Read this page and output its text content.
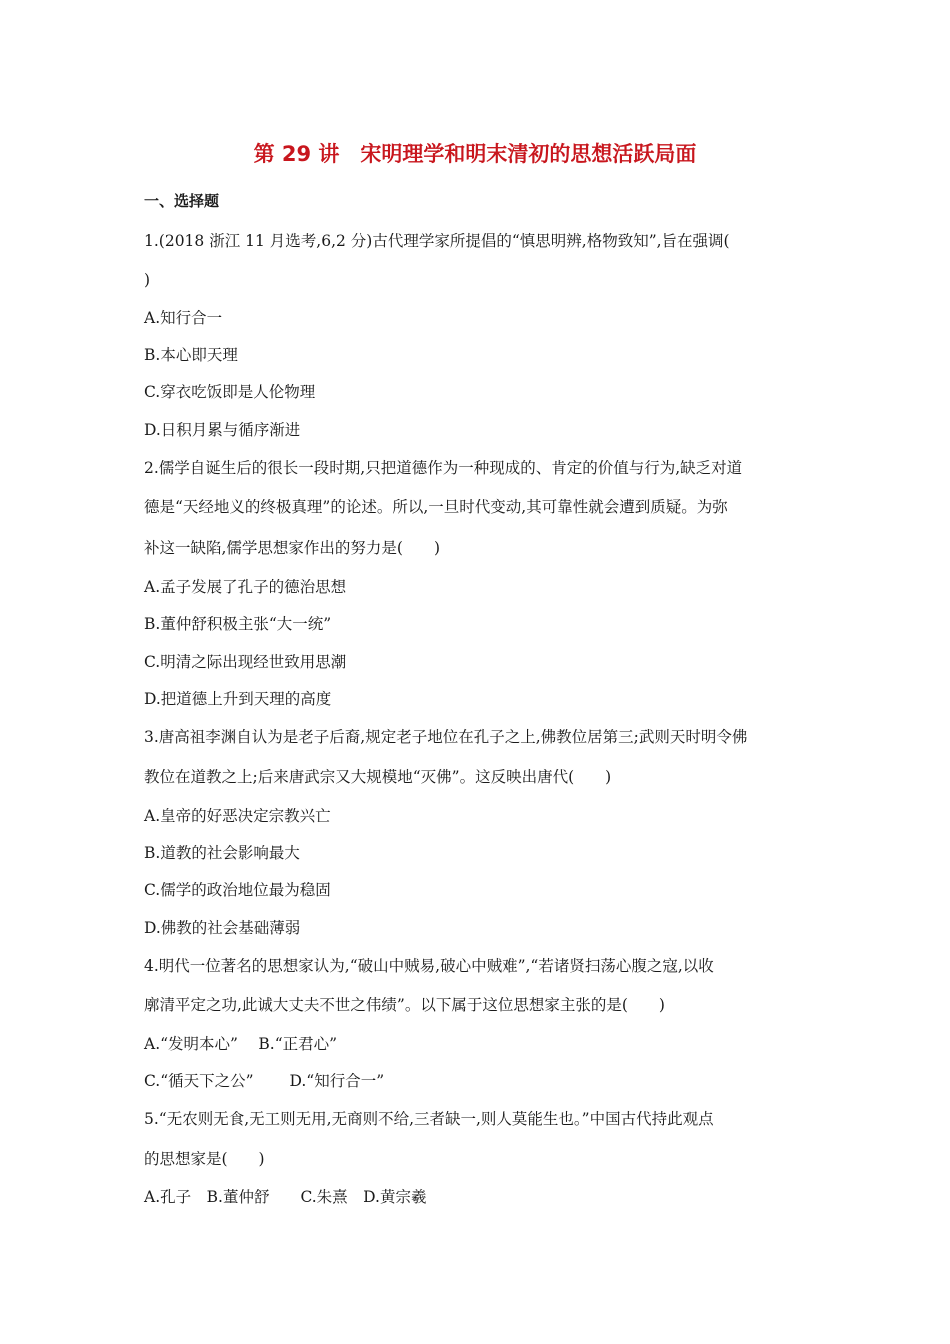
第 29 讲　宋明理学和明末清初的思想活跃局面
一、选择题
1.(2018 浙江 11 月选考,6,2 分)古代理学家所提倡的“慎思明辨,格物致知”,旨在强调(
)
A.知行合一
B.本心即天理
C.穿衣吃饭即是人伦物理
D.日积月累与循序渐进
2.儒学自诞生后的很长一段时期,只把道德作为一种现成的、肯定的价值与行为,缺乏对道
德是“天经地义的终极真理”的论述。所以,一旦时代变动,其可靠性就会遭到质疑。为弥
补这一缺陷,儒学思想家作出的努力是(　　)
A.孟子发展了孔子的德治思想
B.董仲舒积极主张“大一统”
C.明清之际出现经世致用思潮
D.把道德上升到天理的高度
3.唐高祖李渊自认为是老子后裔,规定老子地位在孔子之上,佛教位居第三;武则天时明令佛
教位在道教之上;后来唐武宗又大规模地“灭佛”。这反映出唐代(　　)
A.皇帝的好恶决定宗教兴亡
B.道教的社会影响最大
C.儒学的政治地位最为稳固
D.佛教的社会基础薄弱
4.明代一位著名的思想家认为,“破山中贼易,破心中贼难”,“若诸贤扫荡心腹之寇,以收
廓清平定之功,此诚大丈夫不世之伟绩”。以下属于这位思想家主张的是(　　)
A.“发明本心”　 B.“正君心”
C.“循天下之公”　　 D.“知行合一”
5.“无农则无食,无工则无用,无商则不给,三者缺一,则人莫能生也。”中国古代持此观点
的思想家是(　　)
A.孔子　B.董仲舒　　C.朱熹　D.黄宗羲
